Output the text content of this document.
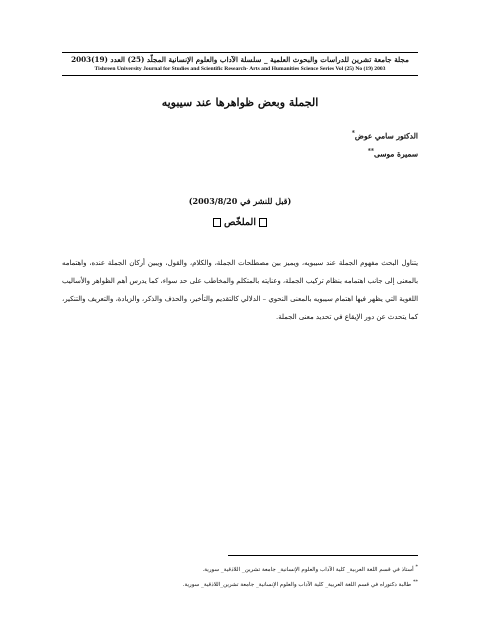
مجلة جامعة تشرين للدراسات والبحوث العلمية _ سلسلة الآداب والعلوم الإنسانية المجلّد (25) العدد (19)2003
Tishreen University Journal for Studies and Scientific Research- Arts and Humanities Science Series Vol (25) No (19) 2003
الجملة وبعض ظواهرها عند سيبويه
الدكتور سامي عوض*
سميرة موسى**
(قبل للنشر في 2003/8/20)
الملخّص
يتناول البحث مفهوم الجملة عند سيبويه، ويميز بين مصطلحات الجملة، والكلام، والقول، ويبين أركان الجملة عنده، واهتمامه بالمعنى إلى جانب اهتمامه بنظام تركيب الجملة، وعنايته بالمتكلم والمخاطب على حد سواء، كما يدرس أهم الظواهر والأساليب اللغوية التي يظهر فيها اهتمام سيبويه بالمعنى النحوي – الدلالي كالتقديم والتأخير، والحذف والذكر، والزيادة، والتعريف والتنكير، كما يتحدث عن دور الإيقاع في تحديد معنى الجملة.
* أستاذ في قسم اللغة العربية_ كلية الآداب والعلوم الإنسانية_ جامعة تشرين_ اللاذقية_ سورية.
** طالبة دكتوراه في قسم اللغة العربية_ كلية الآداب والعلوم الإنسانية_ جامعة تشرين_اللاذقية_ سورية.
